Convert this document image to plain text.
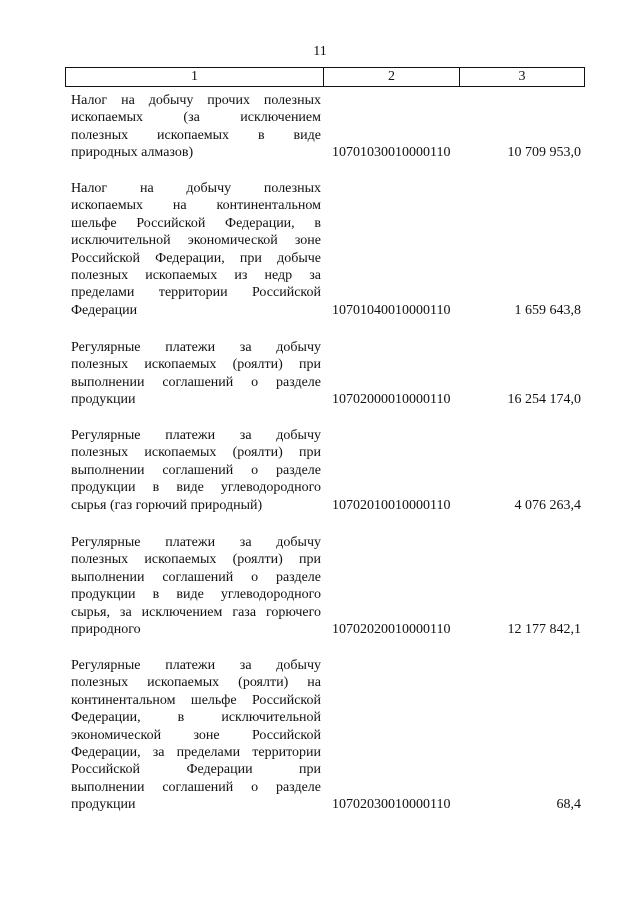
11
1	2	3
Налог на добычу прочих полезных
ископаемых (за исключением
полезных ископаемых в виде
природных алмазов)	10701030010000110	10 709 953,0
Налог на добычу полезных
ископаемых на континентальном
шельфе Российской Федерации, в
исключительной экономической зоне
Российской Федерации, при добыче
полезных ископаемых из недр за
пределами территории Российской
Федерации	10701040010000110	1 659 643,8
Регулярные платежи за добычу
полезных ископаемых (роялти) при
выполнении соглашений о разделе
продукции	10702000010000110	16 254 174,0
Регулярные платежи за добычу
полезных ископаемых (роялти) при
выполнении соглашений о разделе
продукции в виде углеводородного
сырья (газ горючий природный)	10702010010000110	4 076 263,4
Регулярные платежи за добычу
полезных ископаемых (роялти) при
выполнении соглашений о разделе
продукции в виде углеводородного
сырья, за исключением газа горючего
природного	10702020010000110	12 177 842,1
Регулярные платежи за добычу
полезных ископаемых (роялти) на
континентальном шельфе Российской
Федерации, в исключительной
экономической зоне Российской
Федерации, за пределами территории
Российской Федерации при
выполнении соглашений о разделе
продукции	10702030010000110	68,4
